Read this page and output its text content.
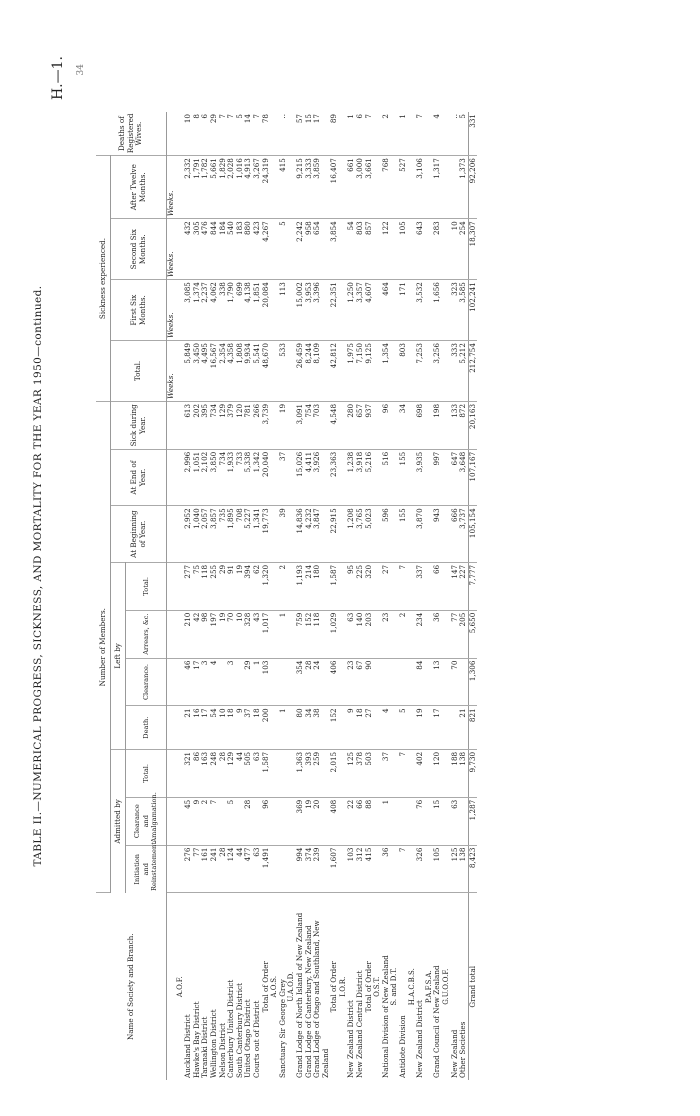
TABLE II.—NUMERICAL PROGRESS, SICKNESS, AND MORTALITY FOR THE YEAR 1950—continued.
H.—1. 34
Name of Society and Branch.	Number of Members.										Sickness experienced.				Deaths of Registered Wives.
	Admitted by			Left by				At Beginning of Year.	At End of Year.	Sick during Year.	Total.	First Six Months.	Second Six Months.	After Twelve Months.	
	Initiation and Reinstatement.	Clearance and Amalgamation.	Total.	Death.	Clearance.	Arrears, &c.	Total.								
											Weeks.	Weeks.	Weeks.	Weeks.	
A.O.F.															
Auckland District	276	45	321	21	46	210	277	2,952	2,996	613	5,849	3,085	432	2,332	10
Hawke's Bay District	77	9	86	16	17	42	75	1,040	1,051	202	3,450	1,374	305	1,791	8
Taranaki District	161	2	163	17	3	98	118	2,057	2,102	395	4,495	2,237	476	1,782	6
Wellington District	241	7	248	54	4	197	255	3,857	3,850	734	16,567	4,062	844	5,661	29
Nelson District	28		28	10		19	29	735	734	129	2,354	338	184	1,829	7
Canterbury United District	124	5	129	18	3	70	91	1,895	1,933	379	4,358	1,790	540	2,028	7
South Canterbury District	44		44	9		10	19	708	733	120	1,808	699	183	1,016	5
United Otago District	477	28	505	37	29	328	394	5,227	5,338	781	9,934	4,138	880	4,913	14
Courts out of District	63		63	18	1	43	62	1,341	1,342	266	5,541	1,851	423	3,267	7
Total of Order	1,491	96	1,587	200	103	1,017	1,320	19,773	20,040	3,739	48,670	20,084	4,267	24,319	78
A.O.S.															
Sanctuary Sir George Grey				1		1	2	39	37	19	533	113	5	415	..
U.A.O.D.															
Grand Lodge of North Island of New Zealand	994	369	1,363	80	354	759	1,193	14,836	15,026	3,091	26,459	15,002	2,242	9,215	57
Grand Lodge of Canterbury, New Zealand	374	19	393	34	28	152	214	4,232	4,411	754	8,244	3,953	958	3,333	15
Grand Lodge of Otago and Southland, New Zealand	239	20	259	38	24	118	180	3,847	3,926	703	8,109	3,396	654	3,859	17
Total of Order	1,607	408	2,015	152	406	1,029	1,587	22,915	23,363	4,548	42,812	22,351	3,854	16,407	89
I.O.R.															
New Zealand District	103	22	125	9	23	63	95	1,208	1,238	280	1,975	1,250	54	661	1
New Zealand Central District	312	66	378	18	67	140	225	3,765	3,918	657	7,150	3,357	803	3,000	6
Total of Order	415	88	503	27	90	203	320	5,023	5,216	937	9,125	4,607	857	3,661	7
O.S.T.															
National Division of New Zealand	36	1	37	4		23	27	596	516	96	1,354	464	122	768	2
S. and D.T.															
Antidote Division	7		7	5		2	7	155	155	34	803	171	105	527	1
H.A.C.B.S.															
New Zealand District	326	76	402	19	84	234	337	3,870	3,935	698	7,253	3,532	643	3,106	7
P.A.F.S.A.															
Grand Council of New Zealand	105	15	120	17	13	36	66	943	997	198	3,256	1,656	283	1,317	4
G.U.O.O.F.															
New Zealand	125	63	188		70	77	147	666	647	133	333	323	10		..
Other Societies	138		138	21		205	227	3,737	3,648	872	5,212	3,585	254	1,373	5
Grand total	8,423	1,287	9,730	821	1,306	5,650	7,777	105,154	107,167	20,163	212,754	102,241	18,307	92,206	331
